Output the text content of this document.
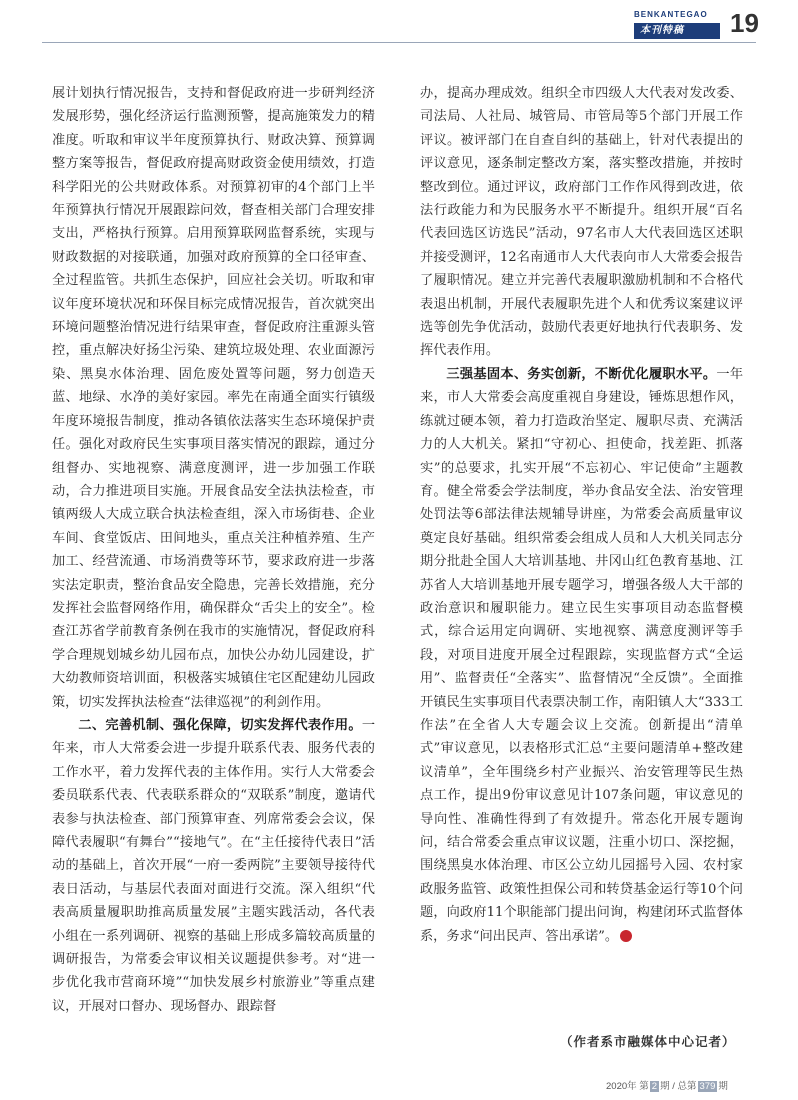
BENKANTEGAO
本刊特稿	19

展计划执行情况报告，支持和督促政府进一步研判经济发展形势，强化经济运行监测预警，提高施策发力的精准度。听取和审议半年度预算执行、财政决算、预算调整方案等报告，督促政府提高财政资金使用绩效，打造科学阳光的公共财政体系。对预算初审的4个部门上半年预算执行情况开展跟踪问效，督查相关部门合理安排支出，严格执行预算。启用预算联网监督系统，实现与财政数据的对接联通，加强对政府预算的全口径审查、全过程监管。共抓生态保护，回应社会关切。听取和审议年度环境状况和环保目标完成情况报告，首次就突出环境问题整治情况进行结果审查，督促政府注重源头管控，重点解决好扬尘污染、建筑垃圾处理、农业面源污染、黑臭水体治理、固危废处置等问题，努力创造天蓝、地绿、水净的美好家园。率先在南通全面实行镇级年度环境报告制度，推动各镇依法落实生态环境保护责任。强化对政府民生实事项目落实情况的跟踪，通过分组督办、实地视察、满意度测评，进一步加强工作联动，合力推进项目实施。开展食品安全法执法检查，市镇两级人大成立联合执法检查组，深入市场街巷、企业车间、食堂饭店、田间地头，重点关注种植养殖、生产加工、经营流通、市场消费等环节，要求政府进一步落实法定职责，整治食品安全隐患，完善长效措施，充分发挥社会监督网络作用，确保群众“舌尖上的安全”。检查江苏省学前教育条例在我市的实施情况，督促政府科学合理规划城乡幼儿园布点，加快公办幼儿园建设，扩大幼教师资培训面，积极落实城镇住宅区配建幼儿园政策，切实发挥执法检查“法律巡视”的利剑作用。

二、完善机制、强化保障，切实发挥代表作用。一年来，市人大常委会进一步提升联系代表、服务代表的工作水平，着力发挥代表的主体作用。实行人大常委会委员联系代表、代表联系群众的“双联系”制度，邀请代表参与执法检查、部门预算审查、列席常委会会议，保障代表履职“有舞台”“接地气”。在“主任接待代表日”活动的基础上，首次开展“一府一委两院”主要领导接待代表日活动，与基层代表面对面进行交流。深入组织“代表高质量履职助推高质量发展”主题实践活动，各代表小组在一系列调研、视察的基础上形成多篇较高质量的调研报告，为常委会审议相关议题提供参考。对“进一步优化我市营商环境”“加快发展乡村旅游业”等重点建议，开展对口督办、现场督办、跟踪督

办，提高办理成效。组织全市四级人大代表对发改委、司法局、人社局、城管局、市管局等5个部门开展工作评议。被评部门在自查自纠的基础上，针对代表提出的评议意见，逐条制定整改方案，落实整改措施，并按时整改到位。通过评议，政府部门工作作风得到改进，依法行政能力和为民服务水平不断提升。组织开展“百名代表回选区访选民”活动，97名市人大代表回选区述职并接受测评，12名南通市人大代表向市人大常委会报告了履职情况。建立并完善代表履职激励机制和不合格代表退出机制，开展代表履职先进个人和优秀议案建议评选等创先争优活动，鼓励代表更好地执行代表职务、发挥代表作用。

三强基固本、务实创新，不断优化履职水平。一年来，市人大常委会高度重视自身建设，锤炼思想作风，练就过硬本领，着力打造政治坚定、履职尽责、充满活力的人大机关。紧扣“守初心、担使命，找差距、抓落实”的总要求，扎实开展“不忘初心、牢记使命”主题教育。健全常委会学法制度，举办食品安全法、治安管理处罚法等6部法律法规辅导讲座，为常委会高质量审议奠定良好基础。组织常委会组成人员和人大机关同志分期分批赴全国人大培训基地、井冈山红色教育基地、江苏省人大培训基地开展专题学习，增强各级人大干部的政治意识和履职能力。建立民生实事项目动态监督模式，综合运用定向调研、实地视察、满意度测评等手段，对项目进度开展全过程跟踪，实现监督方式“全运用”、监督责任“全落实”、监督情况“全反馈”。全面推开镇民生实事项目代表票决制工作，南阳镇人大“333工作法”在全省人大专题会议上交流。创新提出“清单式”审议意见，以表格形式汇总“主要问题清单+整改建议清单”，全年围绕乡村产业振兴、治安管理等民生热点工作，提出9份审议意见计107条问题，审议意见的导向性、准确性得到了有效提升。常态化开展专题询问，结合常委会重点审议议题，注重小切口、深挖掘，围绕黑臭水体治理、市区公立幼儿园摇号入园、农村家政服务监管、政策性担保公司和转贷基金运行等10个问题，向政府11个职能部门提出问询，构建闭环式监督体系，务求“问出民声、答出承诺”。

（作者系市融媒体中心记者）
2020年 第 2 期 / 总第 379 期
